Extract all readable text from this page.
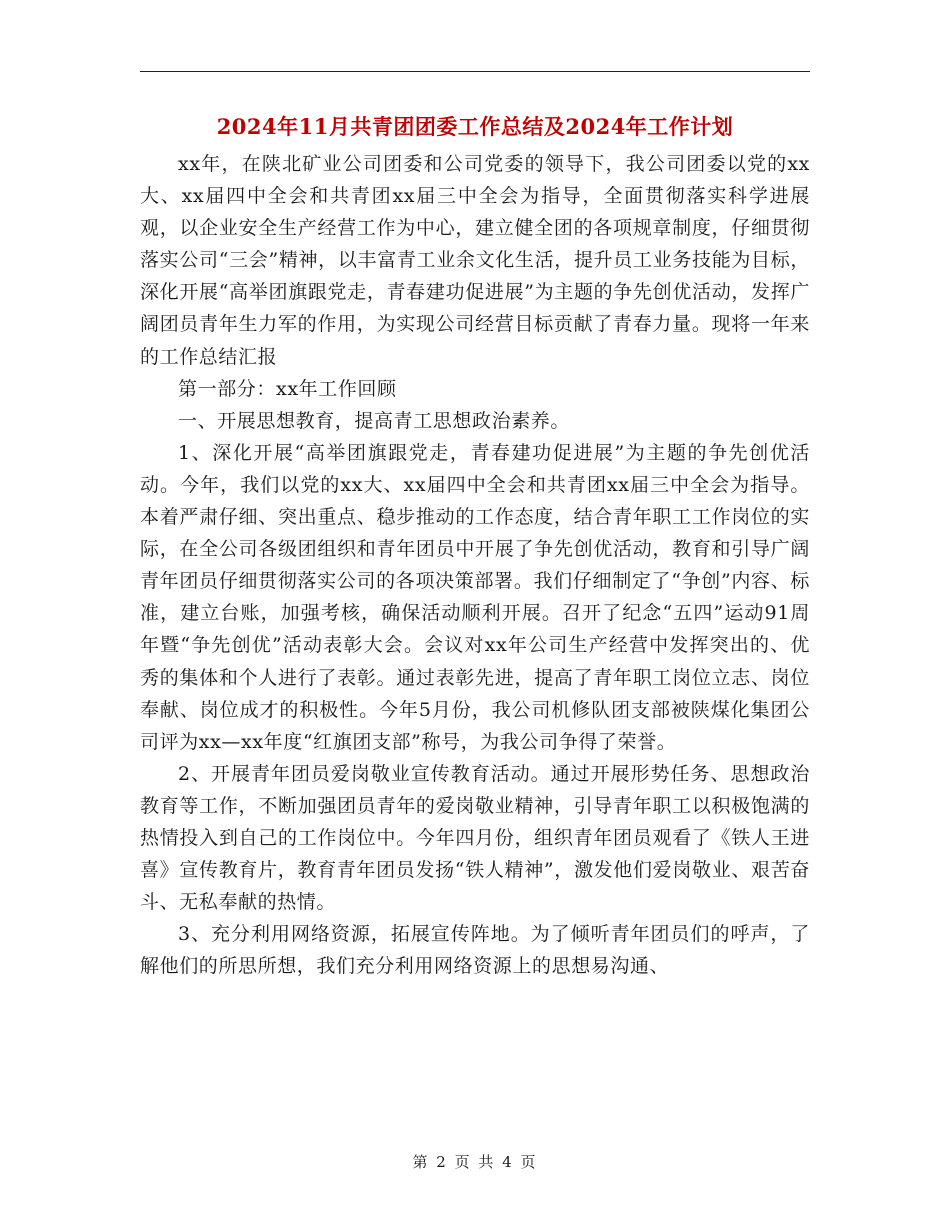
2024年11月共青团团委工作总结及2024年工作计划

xx年，在陕北矿业公司团委和公司党委的领导下，我公司团委以党的xx大、xx届四中全会和共青团xx届三中全会为指导，全面贯彻落实科学进展观，以企业安全生产经营工作为中心，建立健全团的各项规章制度，仔细贯彻落实公司“三会”精神，以丰富青工业余文化生活，提升员工业务技能为目标，深化开展“高举团旗跟党走，青春建功促进展”为主题的争先创优活动，发挥广阔团员青年生力军的作用，为实现公司经营目标贡献了青春力量。现将一年来的工作总结汇报

第一部分：xx年工作回顾

一、开展思想教育，提高青工思想政治素养。

1、深化开展“高举团旗跟党走，青春建功促进展”为主题的争先创优活动。今年，我们以党的xx大、xx届四中全会和共青团xx届三中全会为指导。本着严肃仔细、突出重点、稳步推动的工作态度，结合青年职工工作岗位的实际，在全公司各级团组织和青年团员中开展了争先创优活动，教育和引导广阔青年团员仔细贯彻落实公司的各项决策部署。我们仔细制定了“争创”内容、标准，建立台账，加强考核，确保活动顺利开展。召开了纪念“五四”运动91周年暨“争先创优”活动表彰大会。会议对xx年公司生产经营中发挥突出的、优秀的集体和个人进行了表彰。通过表彰先进，提高了青年职工岗位立志、岗位奉献、岗位成才的积极性。今年5月份，我公司机修队团支部被陕煤化集团公司评为xx—xx年度“红旗团支部”称号，为我公司争得了荣誉。

2、开展青年团员爱岗敬业宣传教育活动。通过开展形势任务、思想政治教育等工作，不断加强团员青年的爱岗敬业精神，引导青年职工以积极饱满的热情投入到自己的工作岗位中。今年四月份，组织青年团员观看了《铁人王进喜》宣传教育片，教育青年团员发扬“铁人精神”，激发他们爱岗敬业、艰苦奋斗、无私奉献的热情。

3、充分利用网络资源，拓展宣传阵地。为了倾听青年团员们的呼声，了解他们的所思所想，我们充分利用网络资源上的思想易沟通、

第 2 页 共 4 页
